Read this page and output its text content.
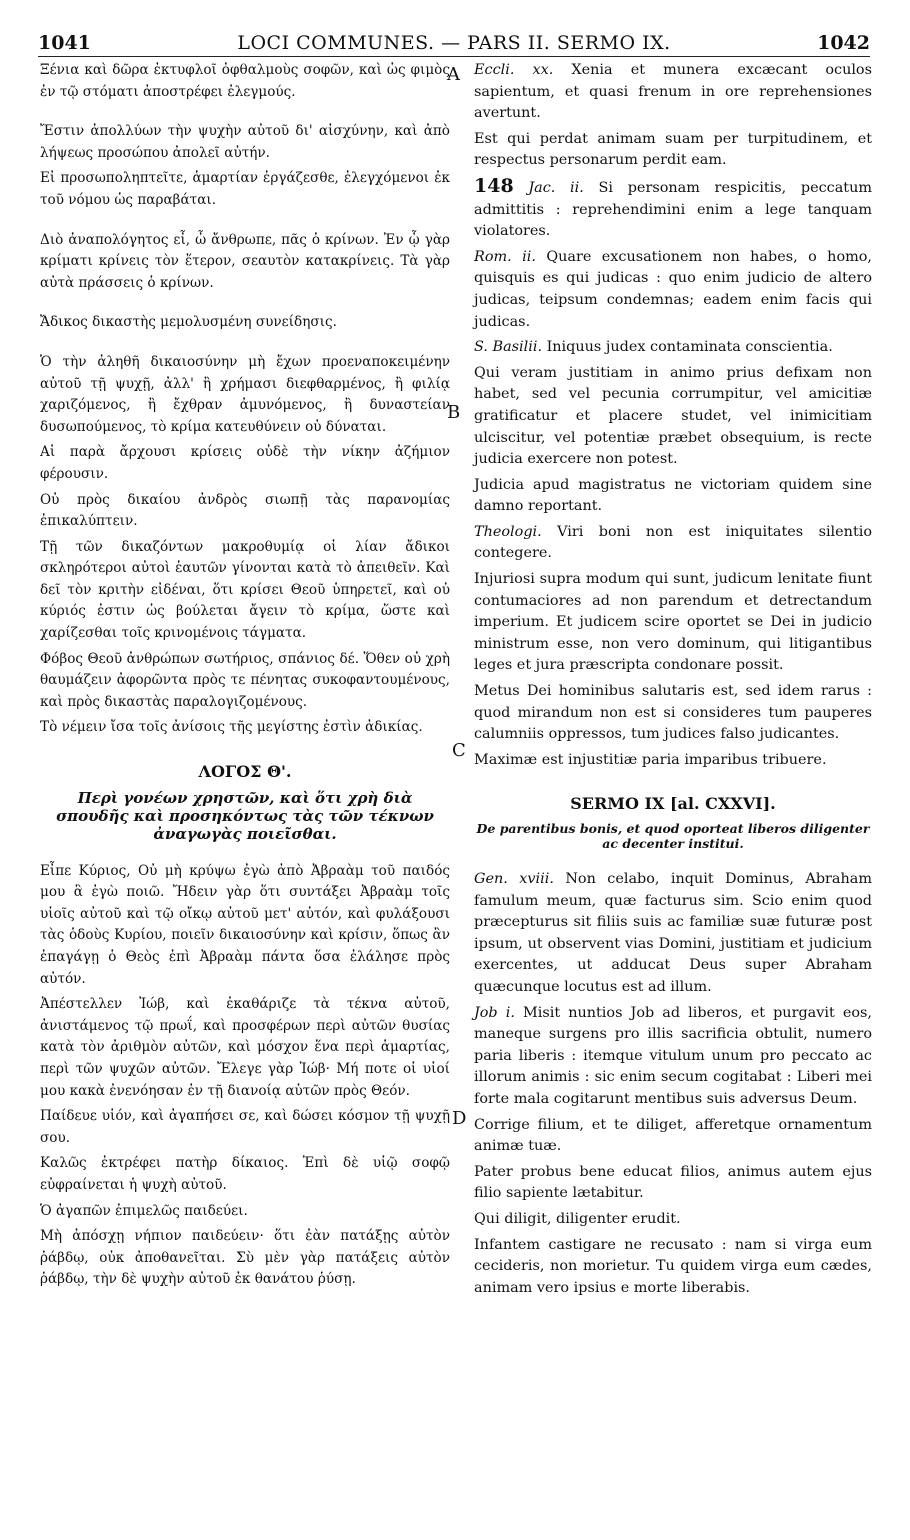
1041	LOCI COMMUNES. — PARS II. SERMO IX.	1042
A
B
C
D

Ξένια καὶ δῶρα ἐκτυφλοῖ ὀφθαλμοὺς σοφῶν, καὶ ὡς φιμὸς ἐν τῷ στόματι ἀποστρέφει ἐλεγμούς.

Ἔστιν ἀπολλύων τὴν ψυχὴν αὐτοῦ δι' αἰσχύνην, καὶ ἀπὸ λήψεως προσώπου ἀπολεῖ αὐτήν.

Εἰ προσωποληπτεῖτε, ἁμαρτίαν ἐργάζεσθε, ἐλεγχόμενοι ἐκ τοῦ νόμου ὡς παραβάται.

Διὸ ἀναπολόγητος εἶ, ὦ ἄνθρωπε, πᾶς ὁ κρίνων. Ἐν ᾧ γὰρ κρίματι κρίνεις τὸν ἕτερον, σεαυτὸν κατακρίνεις. Τὰ γὰρ αὐτὰ πράσσεις ὁ κρίνων.

Ἄδικος δικαστὴς μεμολυσμένη συνείδησις.

Ὁ τὴν ἀληθῆ δικαιοσύνην μὴ ἔχων προεναποκειμένην αὐτοῦ τῇ ψυχῇ, ἀλλ' ἢ χρήμασι διεφθαρμένος, ἢ φιλίᾳ χαριζόμενος, ἢ ἔχθραν ἀμυνόμενος, ἢ δυναστείαν δυσωπούμενος, τὸ κρίμα κατευθύνειν οὐ δύναται.

Αἱ παρὰ ἄρχουσι κρίσεις οὐδὲ τὴν νίκην ἀζήμιον φέρουσιν.

Οὐ πρὸς δικαίου ἀνδρὸς σιωπῇ τὰς παρανομίας ἐπικαλύπτειν.

Τῇ τῶν δικαζόντων μακροθυμίᾳ οἱ λίαν ἄδικοι σκληρότεροι αὐτοὶ ἑαυτῶν γίνονται κατὰ τὸ ἀπειθεῖν. Καὶ δεῖ τὸν κριτὴν εἰδέναι, ὅτι κρίσει Θεοῦ ὑπηρετεῖ, καὶ οὐ κύριός ἐστιν ὡς βούλεται ἄγειν τὸ κρίμα, ὥστε καὶ χαρίζεσθαι τοῖς κρινομένοις τάγματα.

Φόβος Θεοῦ ἀνθρώπων σωτήριος, σπάνιος δέ. Ὅθεν οὐ χρὴ θαυμάζειν ἀφορῶντα πρὸς τε πένητας συκοφαντουμένους, καὶ πρὸς δικαστὰς παραλογιζομένους.

Τὸ νέμειν ἴσα τοῖς ἀνίσοις τῆς μεγίστης ἐστὶν ἀδικίας.

ΛΟΓΟΣ Θ'.
Περὶ γονέων χρηστῶν, καὶ ὅτι χρὴ διὰ σπουδῆς καὶ προσηκόντως τὰς τῶν τέκνων ἀναγωγὰς ποιεῖσθαι.

Εἶπε Κύριος, Οὐ μὴ κρύψω ἐγὼ ἀπὸ Ἀβραὰμ τοῦ παιδός μου ἃ ἐγὼ ποιῶ. Ἤδειν γὰρ ὅτι συντάξει Ἀβραὰμ τοῖς υἱοῖς αὐτοῦ καὶ τῷ οἴκῳ αὐτοῦ μετ' αὐτόν, καὶ φυλάξουσι τὰς ὁδοὺς Κυρίου, ποιεῖν δικαιοσύνην καὶ κρίσιν, ὅπως ἂν ἐπαγάγῃ ὁ Θεὸς ἐπὶ Ἀβραὰμ πάντα ὅσα ἐλάλησε πρὸς αὐτόν.

Ἀπέστελλεν Ἰώβ, καὶ ἐκαθάριζε τὰ τέκνα αὐτοῦ, ἀνιστάμενος τῷ πρωΐ, καὶ προσφέρων περὶ αὐτῶν θυσίας κατὰ τὸν ἀριθμὸν αὐτῶν, καὶ μόσχον ἕνα περὶ ἁμαρτίας, περὶ τῶν ψυχῶν αὐτῶν. Ἔλεγε γὰρ Ἰώβ· Μή ποτε οἱ υἱοί μου κακὰ ἐνενόησαν ἐν τῇ διανοίᾳ αὐτῶν πρὸς Θεόν.

Παίδευε υἱόν, καὶ ἀγαπήσει σε, καὶ δώσει κόσμον τῇ ψυχῇ σου.

Καλῶς ἐκτρέφει πατὴρ δίκαιος. Ἐπὶ δὲ υἱῷ σοφῷ εὐφραίνεται ἡ ψυχὴ αὐτοῦ.

Ὁ ἀγαπῶν ἐπιμελῶς παιδεύει.

Μὴ ἀπόσχῃ νήπιον παιδεύειν· ὅτι ἐὰν πατάξῃς αὐτὸν ῥάβδῳ, οὐκ ἀποθανεῖται. Σὺ μὲν γὰρ πατάξεις αὐτὸν ῥάβδῳ, τὴν δὲ ψυχὴν αὐτοῦ ἐκ θανάτου ῥύσῃ.

Eccli. xx. Xenia et munera excæcant oculos sapientum, et quasi frenum in ore reprehensiones avertunt.

Est qui perdat animam suam per turpitudinem, et respectus personarum perdit eam.

148 Jac. ii. Si personam respicitis, peccatum admittitis : reprehendimini enim a lege tanquam violatores.

Rom. ii. Quare excusationem non habes, o homo, quisquis es qui judicas : quo enim judicio de altero judicas, teipsum condemnas; eadem enim facis qui judicas.

S. Basilii. Iniquus judex contaminata conscientia.

Qui veram justitiam in animo prius defixam non habet, sed vel pecunia corrumpitur, vel amicitiæ gratificatur et placere studet, vel inimicitiam ulciscitur, vel potentiæ præbet obsequium, is recte judicia exercere non potest.

Judicia apud magistratus ne victoriam quidem sine damno reportant.

Theologi. Viri boni non est iniquitates silentio contegere.

Injuriosi supra modum qui sunt, judicum lenitate fiunt contumaciores ad non parendum et detrectandum imperium. Et judicem scire oportet se Dei in judicio ministrum esse, non vero dominum, qui litigantibus leges et jura præscripta condonare possit.

Metus Dei hominibus salutaris est, sed idem rarus : quod mirandum non est si consideres tum pauperes calumniis oppressos, tum judices falso judicantes.

Maximæ est injustitiæ paria imparibus tribuere.

SERMO IX [al. CXXVI].
De parentibus bonis, et quod oporteat liberos diligenter ac decenter institui.

Gen. xviii. Non celabo, inquit Dominus, Abraham famulum meum, quæ facturus sim. Scio enim quod præcepturus sit filiis suis ac familiæ suæ futuræ post ipsum, ut observent vias Domini, justitiam et judicium exercentes, ut adducat Deus super Abraham quæcunque locutus est ad illum.

Job i. Misit nuntios Job ad liberos, et purgavit eos, maneque surgens pro illis sacrificia obtulit, numero paria liberis : itemque vitulum unum pro peccato ac illorum animis : sic enim secum cogitabat : Liberi mei forte mala cogitarunt mentibus suis adversus Deum.

Corrige filium, et te diliget, afferetque ornamentum animæ tuæ.

Pater probus bene educat filios, animus autem ejus filio sapiente lætabitur.

Qui diligit, diligenter erudit.

Infantem castigare ne recusato : nam si virga eum cecideris, non morietur. Tu quidem virga eum cædes, animam vero ipsius e morte liberabis.
